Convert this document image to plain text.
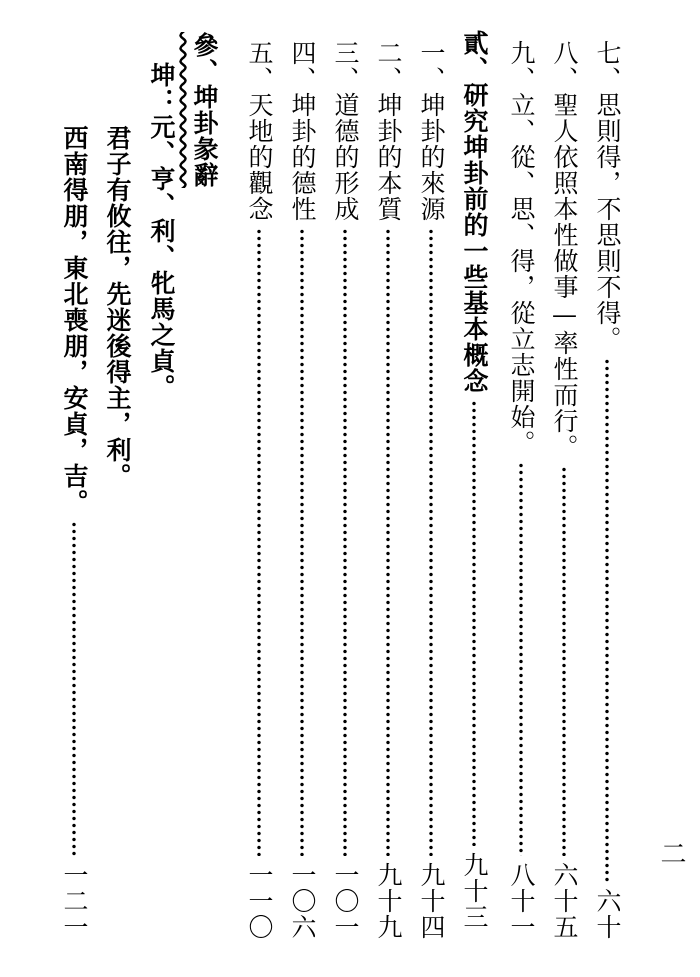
二
七、思則得，不思則不得。
六十
八、聖人依照本性做事—率性而行。
六十五
九、立、從、思、得，從立志開始。
八十一
貳、研究坤卦前的一些基本概念
九十三
一、坤卦的來源
九十四
二、坤卦的本質
九十九
三、道德的形成
一〇一
四、坤卦的德性
一〇六
五、天地的觀念
一一〇
參、坤卦彖辭
坤：元、亨、利、牝馬之貞。
君子有攸往，先迷後得主，利。
西南得朋，東北喪朋，安貞，吉。
一二一
